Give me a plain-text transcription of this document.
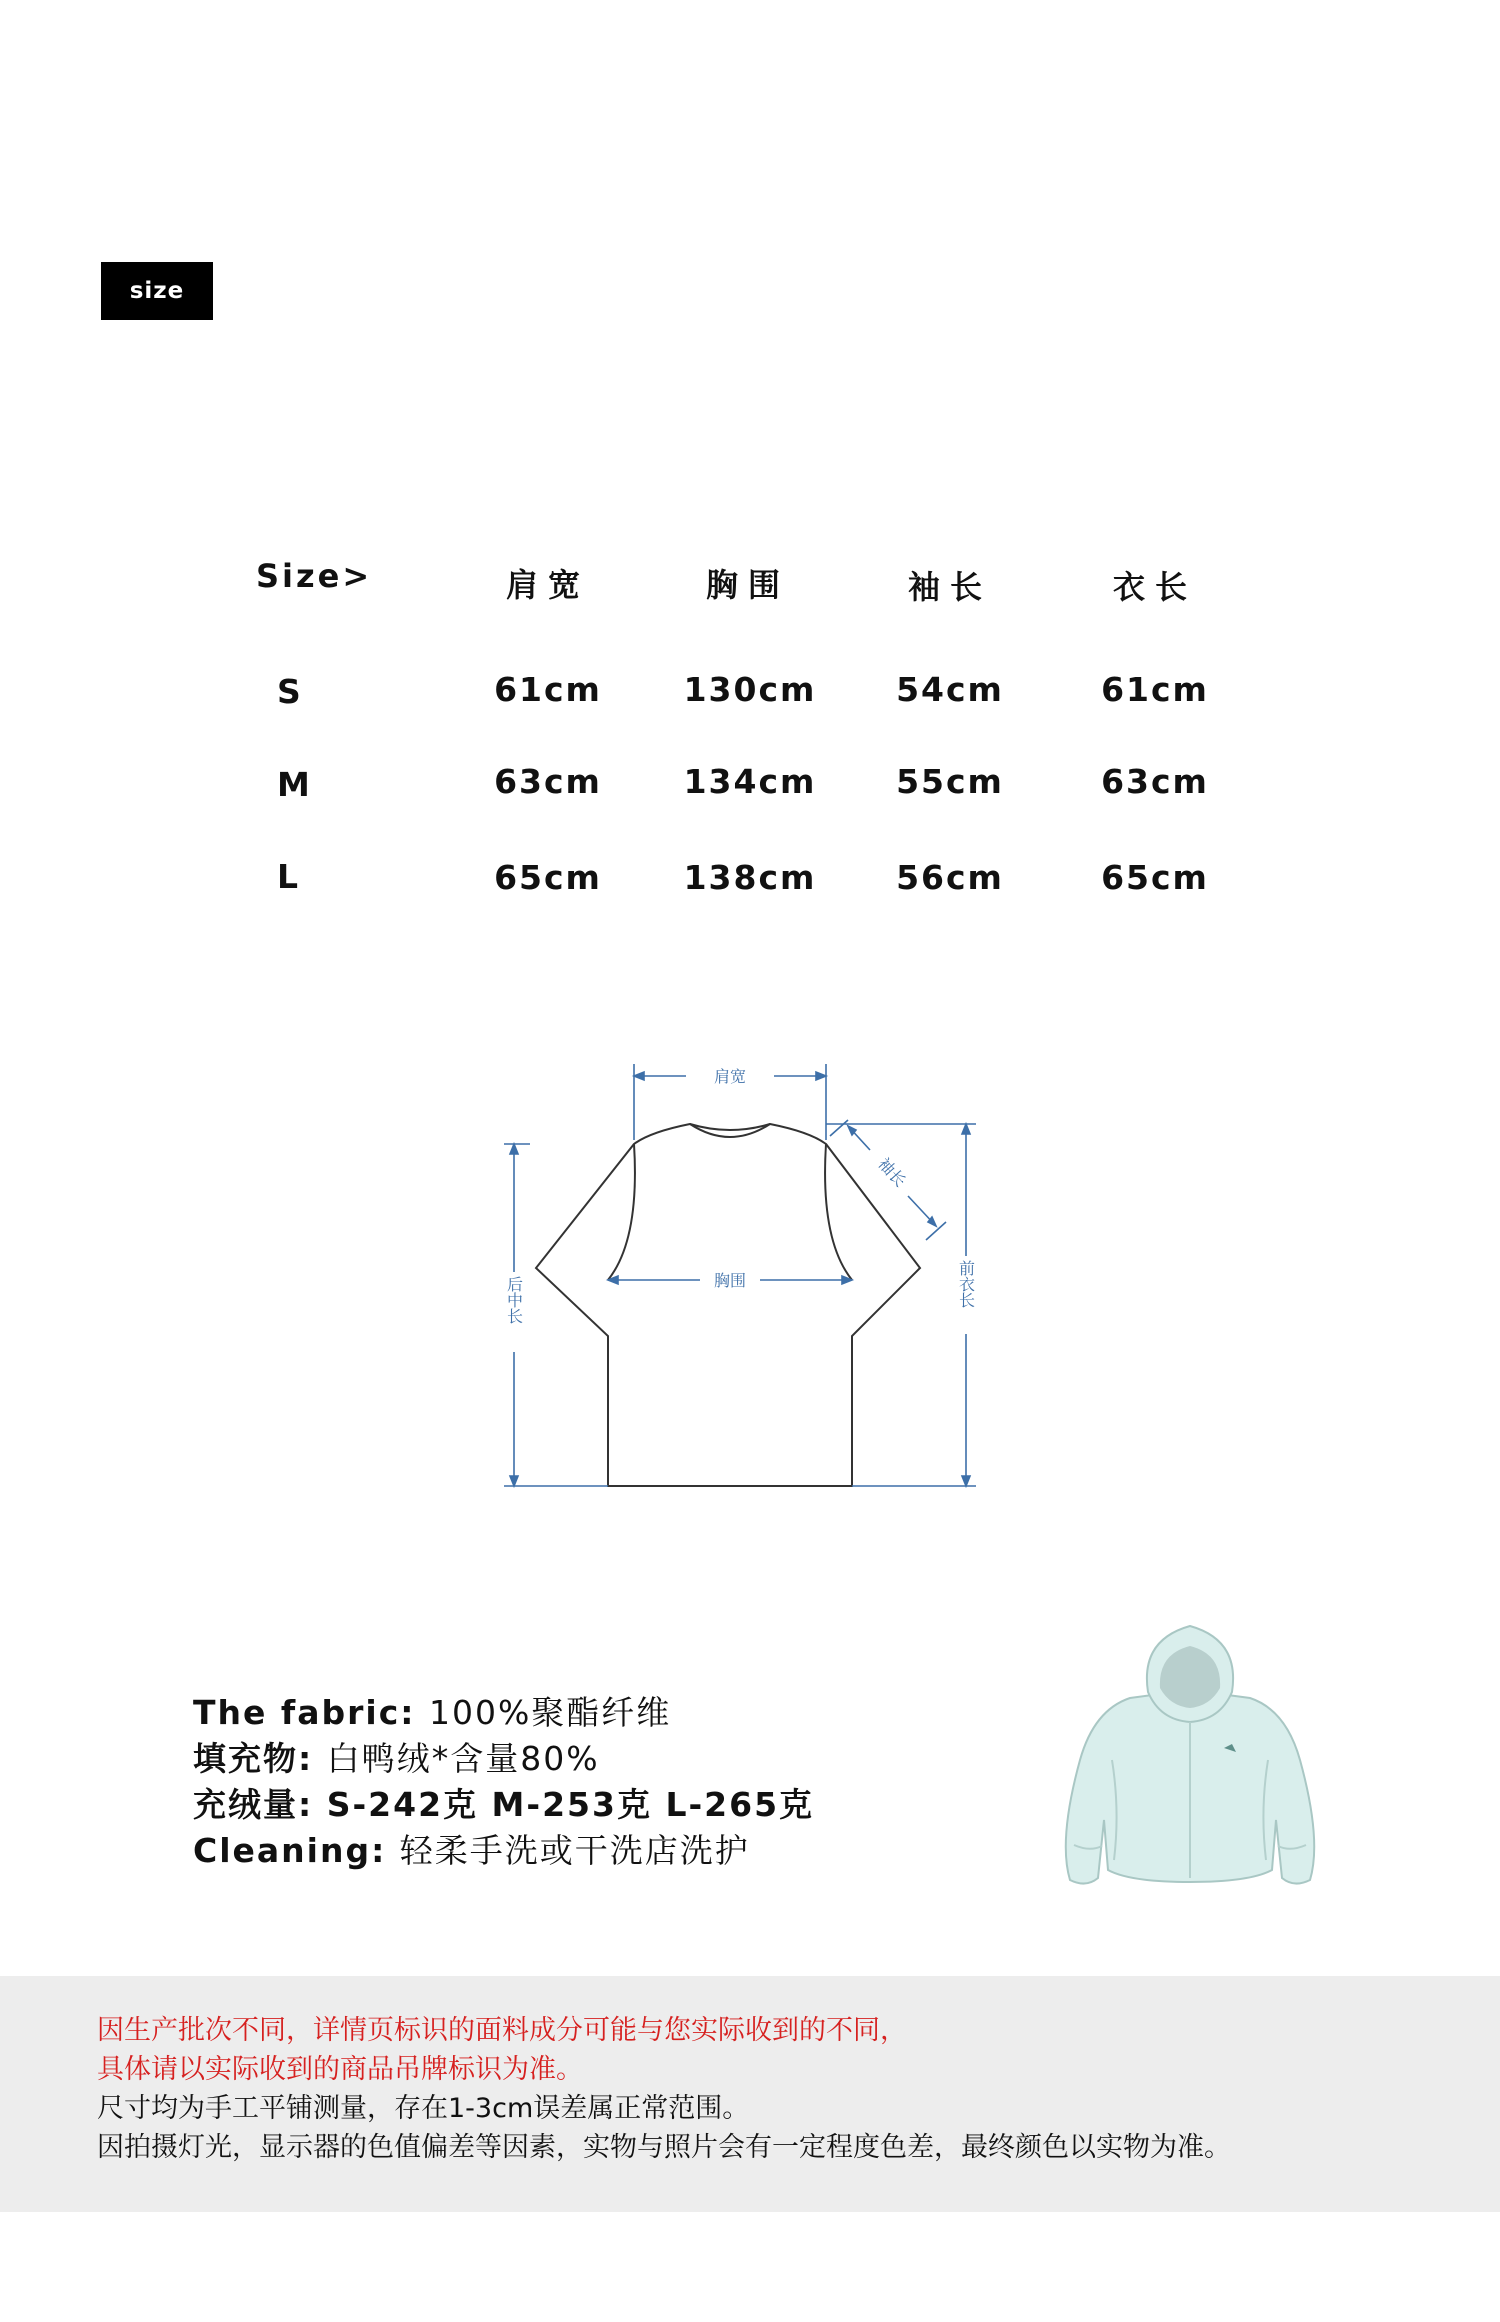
size
Size>	肩宽	胸围	袖长	衣长
S	61cm 130cm 54cm	61cm
M	63cm 134cm 55cm	63cm
L	65cm 138cm 56cm	65cm
肩宽
胸围
袖长
后中长	前衣长
The fabric: 100%聚酯纤维
填充物: 白鸭绒*含量80%
充绒量: S-242克 M-253克 L-265克
Cleaning: 轻柔手洗或干洗店洗护
因生产批次不同，详情页标识的面料成分可能与您实际收到的不同，
具体请以实际收到的商品吊牌标识为准。
尺寸均为手工平铺测量，存在1-3cm误差属正常范围。
因拍摄灯光，显示器的色值偏差等因素，实物与照片会有一定程度色差，最终颜色以实物为准。
